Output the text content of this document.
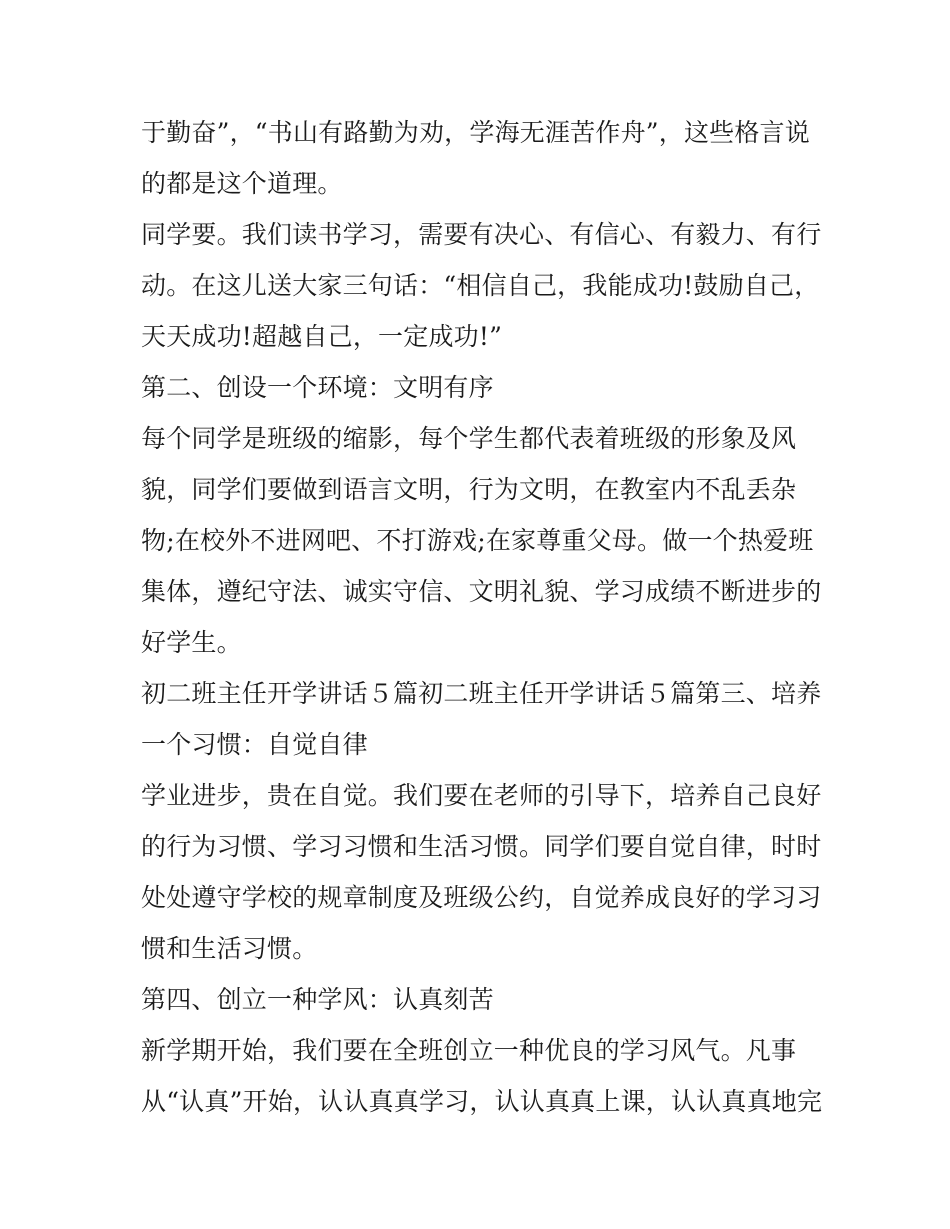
于勤奋”，“书山有路勤为劝，学海无涯苦作舟”，这些格言说
的都是这个道理。
同学要。我们读书学习，需要有决心、有信心、有毅力、有行
动。在这儿送大家三句话：“相信自己，我能成功!鼓励自己，
天天成功!超越自己，一定成功!”
第二、创设一个环境：文明有序
每个同学是班级的缩影，每个学生都代表着班级的形象及风
貌，同学们要做到语言文明，行为文明，在教室内不乱丢杂
物;在校外不进网吧、不打游戏;在家尊重父母。做一个热爱班
集体，遵纪守法、诚实守信、文明礼貌、学习成绩不断进步的
好学生。
初二班主任开学讲话５篇初二班主任开学讲话５篇第三、培养
一个习惯：自觉自律
学业进步，贵在自觉。我们要在老师的引导下，培养自己良好
的行为习惯、学习习惯和生活习惯。同学们要自觉自律，时时
处处遵守学校的规章制度及班级公约，自觉养成良好的学习习
惯和生活习惯。
第四、创立一种学风：认真刻苦
新学期开始，我们要在全班创立一种优良的学习风气。凡事
从“认真”开始，认认真真学习，认认真真上课，认认真真地完
